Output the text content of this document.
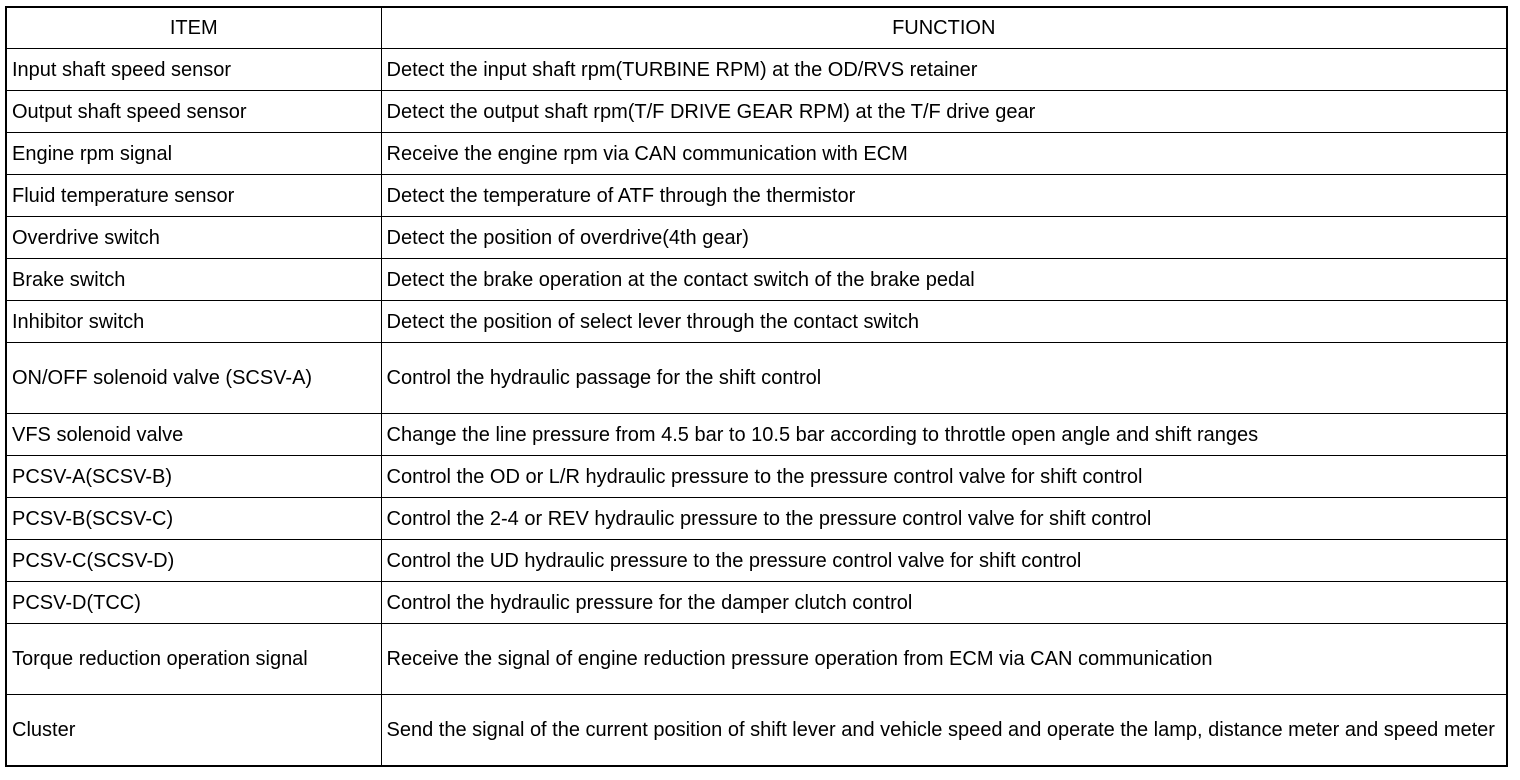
ITEM	FUNCTION
Input shaft speed sensor	Detect the input shaft rpm(TURBINE RPM) at the OD/RVS retainer
Output shaft speed sensor	Detect the output shaft rpm(T/F DRIVE GEAR RPM) at the T/F drive gear
Engine rpm signal	Receive the engine rpm via CAN communication with ECM
Fluid temperature sensor	Detect the temperature of ATF through the thermistor
Overdrive switch	Detect the position of overdrive(4th gear)
Brake switch	Detect the brake operation at the contact switch of the brake pedal
Inhibitor switch	Detect the position of select lever through the contact switch
ON/OFF solenoid valve (SCSV-A)	Control the hydraulic passage for the shift control
VFS solenoid valve	Change the line pressure from 4.5 bar to 10.5 bar according to throttle open angle and shift ranges
PCSV-A(SCSV-B)	Control the OD or L/R hydraulic pressure to the pressure control valve for shift control
PCSV-B(SCSV-C)	Control the 2-4 or REV hydraulic pressure to the pressure control valve for shift control
PCSV-C(SCSV-D)	Control the UD hydraulic pressure to the pressure control valve for shift control
PCSV-D(TCC)	Control the hydraulic pressure for the damper clutch control
Torque reduction operation signal	Receive the signal of engine reduction pressure operation from ECM via CAN communication
Cluster	Send the signal of the current position of shift lever and vehicle speed and operate the lamp, distance meter and speed meter
